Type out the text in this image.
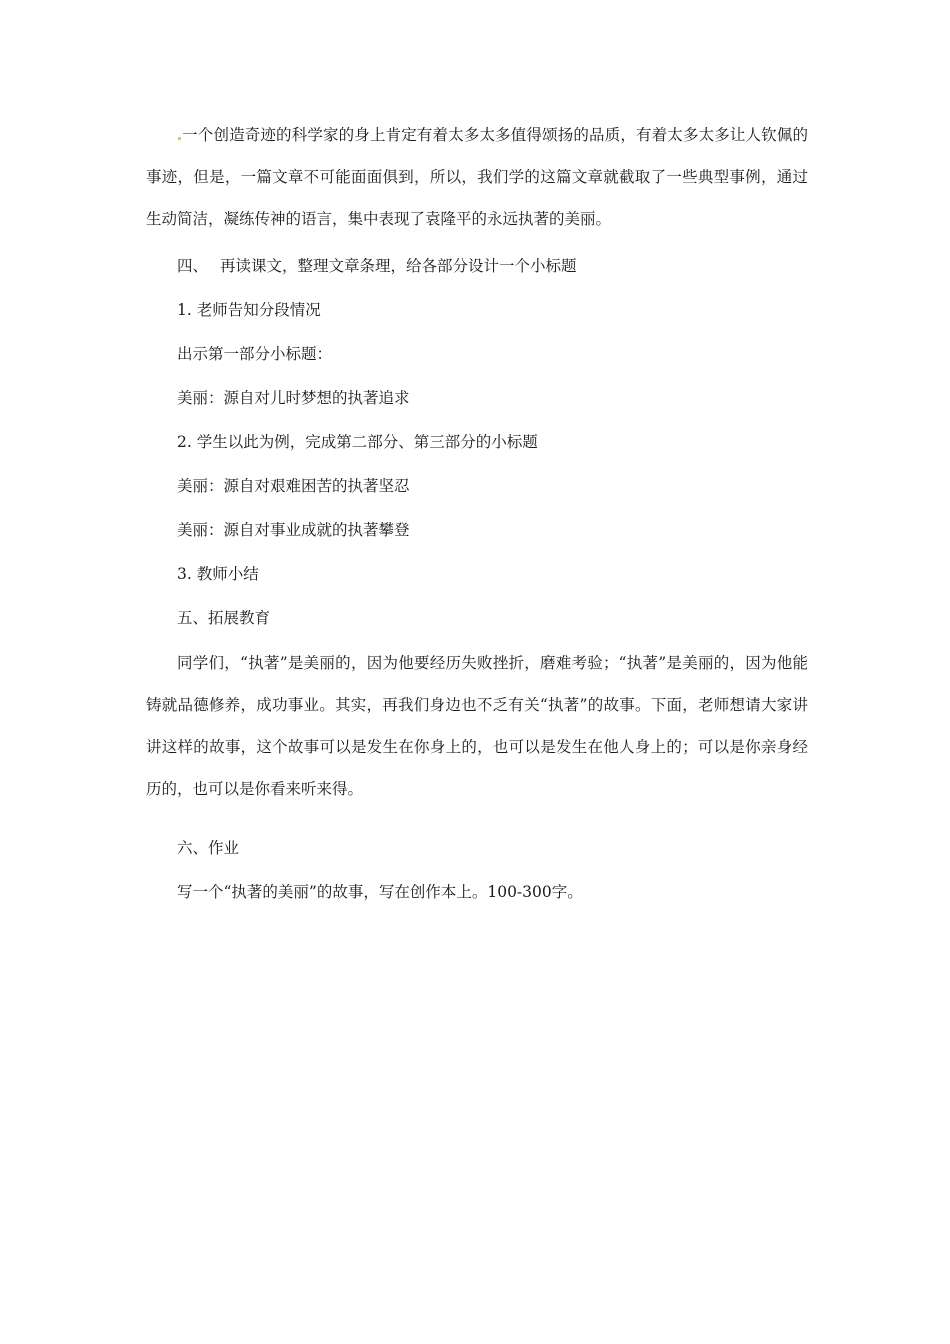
一个创造奇迹的科学家的身上肯定有着太多太多值得颂扬的品质，有着太多太多让人钦佩的事迹，但是，一篇文章不可能面面俱到，所以，我们学的这篇文章就截取了一些典型事例，通过生动简洁，凝练传神的语言，集中表现了袁隆平的永远执著的美丽。

四、 再读课文，整理文章条理，给各部分设计一个小标题
1. 老师告知分段情况
出示第一部分小标题：
美丽：源自对儿时梦想的执著追求
2. 学生以此为例，完成第二部分、第三部分的小标题
美丽：源自对艰难困苦的执著坚忍
美丽：源自对事业成就的执著攀登
3. 教师小结
五、拓展教育

同学们，“执著”是美丽的，因为他要经历失败挫折，磨难考验；“执著”是美丽的，因为他能铸就品德修养，成功事业。其实，再我们身边也不乏有关“执著”的故事。下面，老师想请大家讲讲这样的故事，这个故事可以是发生在你身上的，也可以是发生在他人身上的；可以是你亲身经历的，也可以是你看来听来得。

六、作业
写一个“执著的美丽”的故事，写在创作本上。100-300字。
